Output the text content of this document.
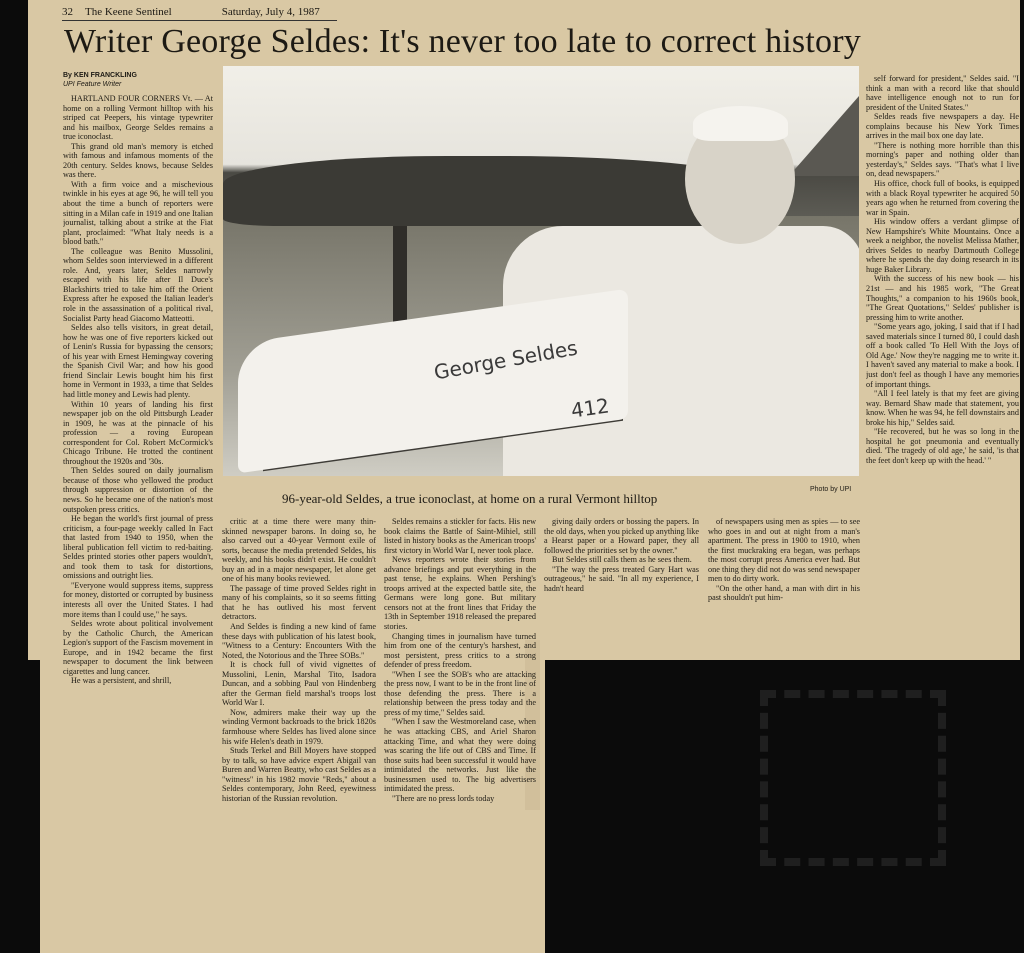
32 The Keene Sentinel	Saturday, July 4, 1987
Writer George Seldes: It's never too late to correct history
By KEN FRANCKLING
UPI Feature Writer
George Seldes
412
Photo by UPI
96-year-old Seldes, a true iconoclast, at home on a rural Vermont hilltop

HARTLAND FOUR CORNERS Vt. — At home on a rolling Vermont hilltop with his striped cat Peepers, his vintage typewriter and his mailbox, George Seldes remains a true iconoclast.

This grand old man's memory is etched with famous and infamous moments of the 20th century. Seldes knows, because Seldes was there.

With a firm voice and a mischevious twinkle in his eyes at age 96, he will tell you about the time a bunch of reporters were sitting in a Milan cafe in 1919 and one Italian journalist, talking about a strike at the Fiat plant, proclaimed: "What Italy needs is a blood bath."

The colleague was Benito Mussolini, whom Seldes soon interviewed in a different role. And, years later, Seldes narrowly escaped with his life after Il Duce's Blackshirts tried to take him off the Orient Express after he exposed the Italian leader's role in the assassination of a political rival, Socialist Party head Giacomo Matteotti.

Seldes also tells visitors, in great detail, how he was one of five reporters kicked out of Lenin's Russia for bypassing the censors; of his year with Ernest Hemingway covering the Spanish Civil War; and how his good friend Sinclair Lewis bought him his first home in Vermont in 1933, a time that Seldes had little money and Lewis had plenty.

Within 10 years of landing his first newspaper job on the old Pittsburgh Leader in 1909, he was at the pinnacle of his profession — a roving European correspondent for Col. Robert McCormick's Chicago Tribune. He trotted the continent throughout the 1920s and '30s.

Then Seldes soured on daily journalism because of those who yellowed the product through suppression or distortion of the news. So he became one of the nation's most outspoken press critics.

He began the world's first journal of press criticism, a four-page weekly called In Fact that lasted from 1940 to 1950, when the liberal publication fell victim to red-baiting. Seldes printed stories other papers wouldn't, and took them to task for distortions, omissions and outright lies.

"Everyone would suppress items, suppress for money, distorted or corrupted by business interests all over the United States. I had more items than I could use," he says.

Seldes wrote about political involvement by the Catholic Church, the American Legion's support of the Fascism movement in Europe, and in 1942 became the first newspaper to document the link between cigarettes and lung cancer.

He was a persistent, and shrill,

critic at a time there were many thin-skinned newspaper barons. In doing so, he also carved out a 40-year Vermont exile of sorts, because the media pretended Seldes, his weekly, and his books didn't exist. He couldn't buy an ad in a major newspaper, let alone get one of his many books reviewed.

The passage of time proved Seldes right in many of his complaints, so it so seems fitting that he has outlived his most fervent detractors.

And Seldes is finding a new kind of fame these days with publication of his latest book, "Witness to a Century: Encounters With the Noted, the Notorious and the Three SOBs."

It is chock full of vivid vignettes of Mussolini, Lenin, Marshal Tito, Isadora Duncan, and a sobbing Paul von Hindenberg after the German field marshal's troops lost World War I.

Now, admirers make their way up the winding Vermont backroads to the brick 1820s farmhouse where Seldes has lived alone since his wife Helen's death in 1979.

Studs Terkel and Bill Moyers have stopped by to talk, so have advice expert Abigail van Buren and Warren Beatty, who cast Seldes as a "witness" in his 1982 movie "Reds," about a Seldes contemporary, John Reed, eyewitness historian of the Russian revolution.

Seldes remains a stickler for facts. His new book claims the Battle of Saint-Mihiel, still listed in history books as the American troops' first victory in World War I, never took place.

News reporters wrote their stories from advance briefings and put everything in the past tense, he explains. When Pershing's troops arrived at the expected battle site, the Germans were long gone. But military censors not at the front lines that Friday the 13th in September 1918 released the prepared stories.

Changing times in journalism have turned him from one of the century's harshest, and most persistent, press critics to a strong defender of press freedom.

"When I see the SOB's who are attacking the press now, I want to be in the front line of those defending the press. There is a relationship between the press today and the press of my time," Seldes said.

"When I saw the Westmoreland case, when he was attacking CBS, and Ariel Sharon attacking Time, and what they were doing was scaring the life out of CBS and Time. If those suits had been successful it would have intimidated the networks. Just like the businessmen used to. The big advertisers intimidated the press.

"There are no press lords today

giving daily orders or bossing the papers. In the old days, when you picked up anything like a Hearst paper or a Howard paper, they all followed the priorities set by the owner."

But Seldes still calls them as he sees them.

"The way the press treated Gary Hart was outrageous," he said. "In all my experience, I hadn't heard

of newspapers using men as spies — to see who goes in and out at night from a man's apartment. The press in 1900 to 1910, when the first muckraking era began, was perhaps the most corrupt press America ever had. But one thing they did not do was send newspaper men to do dirty work.

"On the other hand, a man with dirt in his past shouldn't put him-

self forward for president," Seldes said. "I think a man with a record like that should have intelligence enough not to run for president of the United States."

Seldes reads five newspapers a day. He complains because his New York Times arrives in the mail box one day late.

"There is nothing more horrible than this morning's paper and nothing older than yesterday's," Seldes says. "That's what I live on, dead newspapers."

His office, chock full of books, is equipped with a black Royal typewriter he acquired 50 years ago when he returned from covering the war in Spain.

His window offers a verdant glimpse of New Hampshire's White Mountains. Once a week a neighbor, the novelist Melissa Mather, drives Seldes to nearby Dartmouth College where he spends the day doing research in its huge Baker Library.

With the success of his new book — his 21st — and his 1985 work, "The Great Thoughts," a companion to his 1960s book, "The Great Quotations," Seldes' publisher is pressing him to write another.

"Some years ago, joking, I said that if I had saved materials since I turned 80, I could dash off a book called 'To Hell With the Joys of Old Age.' Now they're nagging me to write it. I haven't saved any material to make a book. I just don't feel as though I have any memories of important things.

"All I feel lately is that my feet are giving way. Bernard Shaw made that statement, you know. When he was 94, he fell downstairs and broke his hip," Seldes said.

"He recovered, but he was so long in the hospital he got pneumonia and eventually died. 'The tragedy of old age,' he said, 'is that the feet don't keep up with the head.' "
